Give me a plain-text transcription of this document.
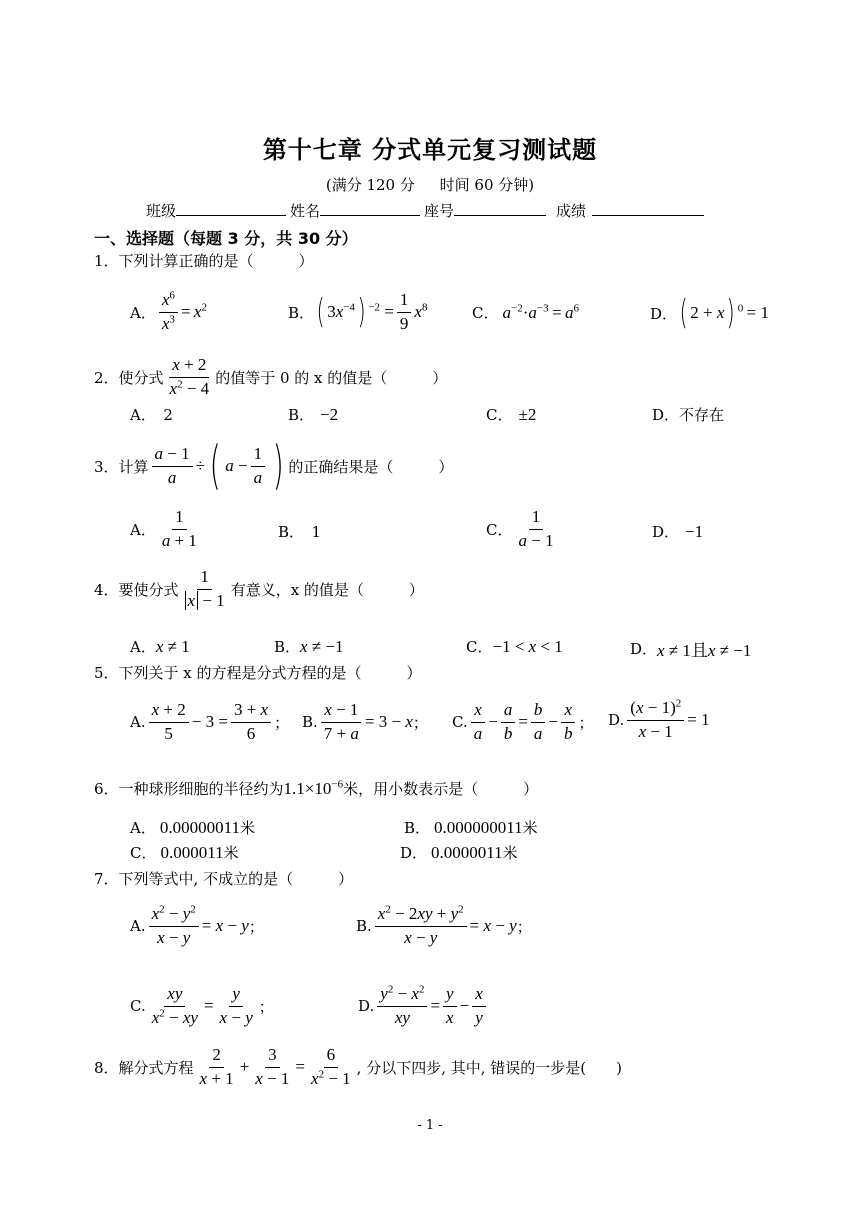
第十七章 分式单元复习测试题
(满分 120 分 时间 60 分钟)
班级	姓名	座号	成绩
一、选择题（每题 3 分，共 30 分）
1．下列计算正确的是（　　　）
A． $\frac{x^6}{x^3} = x^2$	B． ( $3x^{-4}$ ) $^{-2} = \frac{1}{9} x^8$	C． $a^{-2}\cdot a^{-3} = a^6$	D． ( 2 + x ) $^0$ = 1
2．使分式 $\frac{x + 2}{x^2 - 4}$ 的值等于 0 的 x 的值是（　　　）
A．　2	B． −2	C． ±2	D．不存在
3．计算 $\frac{a - 1}{a}$ ÷ ( $a - \frac{1}{a}$ ) 的正确结果是（　　　）
A． $\frac{1}{a + 1}$	B．　1	C． $\frac{1}{a - 1}$	D． −1
4．要使分式 $\frac{1}{x - 1}$ 有意义，x 的值是（　　　）
A． x ≠ 1	B． x ≠ −1	C． −1 < x < 1	D． x ≠ 1且x ≠ −1
5．下列关于 x 的方程是分式方程的是（　　　）
A. $\frac{x + 2}{5} - 3 = \frac{3 + x}{6}$ ； B. $\frac{x - 1}{7 + a} = 3 - x$ ； C. $\frac{x}{a} - \frac{a}{b} = \frac{b}{a} - \frac{x}{b}$ ； D. $\frac{(x - 1)^2}{x - 1} = 1$
6．一种球形细胞的半径约为 $1.1\times 10^{-6}$ 米，用小数表示是（　　　）
A． 0.00000011 米	B． 0.000000011 米
C． 0.000011 米	D． 0.0000011 米
7．下列等式中, 不成立的是（　　　）
A. $\frac{x^2 - y^2}{x - y} = x - y$ ；	B. $\frac{x^2 - 2xy + y^2}{x - y} = x - y$ ；
C. $\frac{xy}{x^2 - xy} = \frac{y}{x - y}$ ；	D. $\frac{y^2 - x^2}{xy} = \frac{y}{x} - \frac{x}{y}$
8．解分式方程 $\frac{2}{x + 1} + \frac{3}{x - 1} = \frac{6}{x^2 - 1}$ , 分以下四步, 其中, 错误的一步是(　　)
- 1 -
